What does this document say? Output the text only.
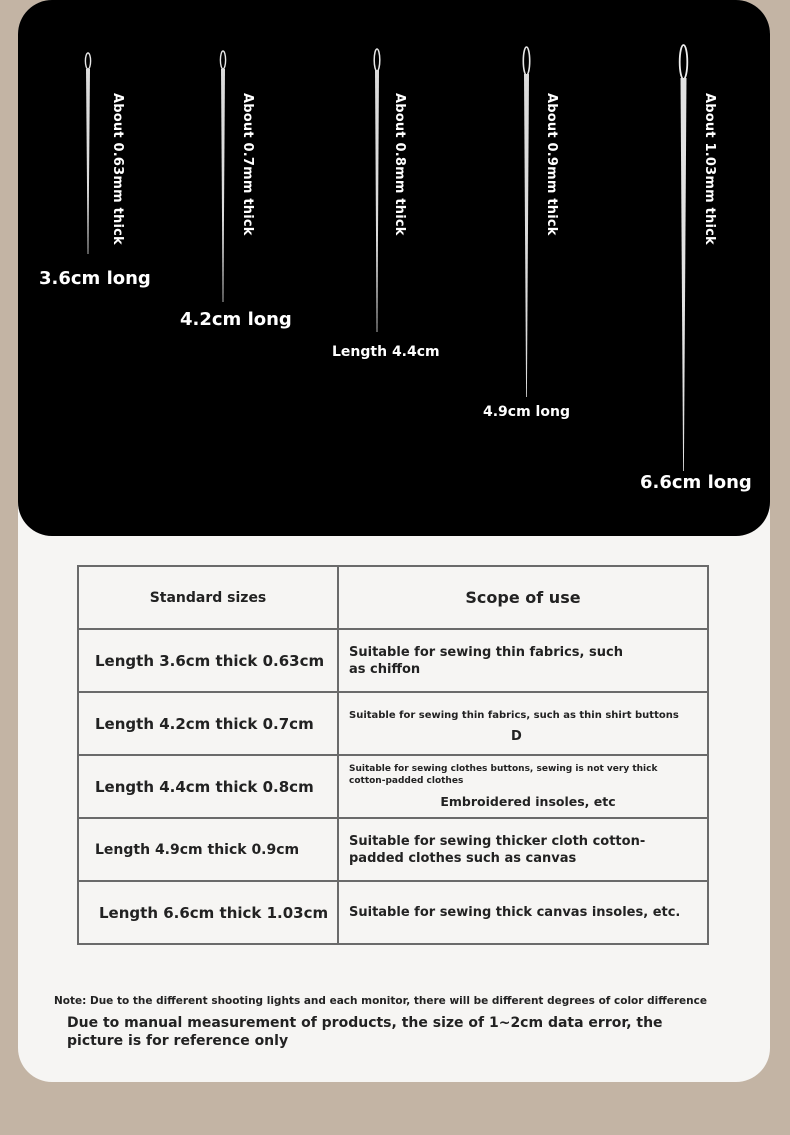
About 0.63mm thick
3.6cm long
About 0.7mm thick
4.2cm long
About 0.8mm thick
Length 4.4cm
About 0.9mm thick
4.9cm long
About 1.03mm thick
6.6cm long
Standard sizes	Scope of use
Length 3.6cm thick 0.63cm	Suitable for sewing thin fabrics, such as chiffon

Length 4.2cm thick 0.7cm	Suitable for sewing thin fabrics, such as thin shirt buttons
D

Length 4.4cm thick 0.8cm	Suitable for sewing clothes buttons, sewing is not very thick cotton-padded clothes
Embroidered insoles, etc

Length 4.9cm thick 0.9cm	Suitable for sewing thicker cloth cotton-padded clothes such as canvas

Length 6.6cm thick 1.03cm	Suitable for sewing thick canvas insoles, etc.
Note: Due to the different shooting lights and each monitor, there will be different degrees of color difference
Due to manual measurement of products, the size of 1~2cm data error, the picture is for reference only
